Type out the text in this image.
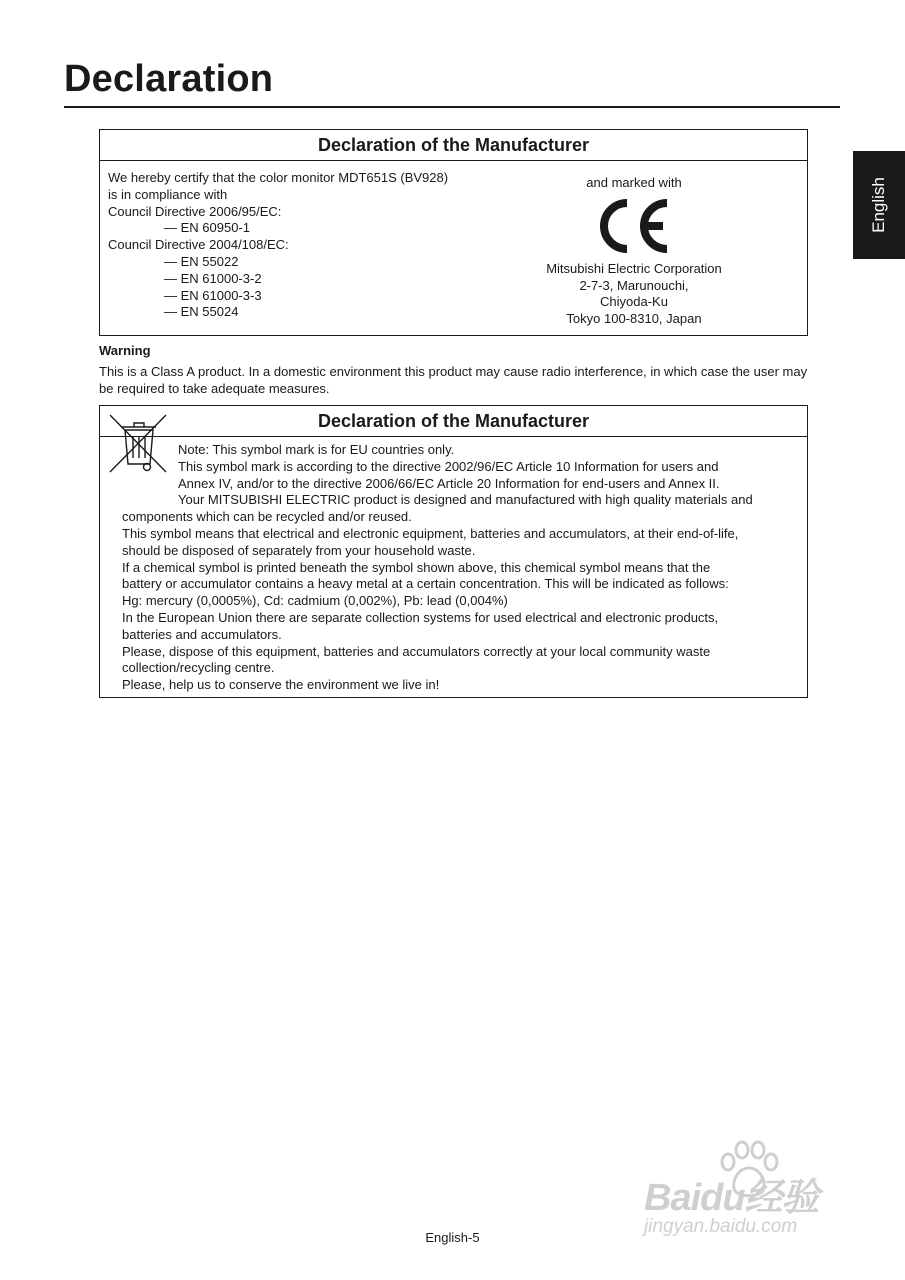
Declaration
English
Declaration of the Manufacturer
We hereby certify that the color monitor MDT651S (BV928)
is in compliance with
Council Directive 2006/95/EC:
— EN 60950-1
Council Directive 2004/108/EC:
— EN 55022
— EN 61000-3-2
— EN 61000-3-3
— EN 55024
and marked with
Mitsubishi Electric Corporation
2-7-3, Marunouchi,
Chiyoda-Ku
Tokyo 100-8310, Japan
Warning
This is a Class A product. In a domestic environment this product may cause radio interference, in which case the user may be required to take adequate measures.
Declaration of the Manufacturer
Note: This symbol mark is for EU countries only.
This symbol mark is according to the directive 2002/96/EC Article 10 Information for users and
Annex IV, and/or to the directive 2006/66/EC Article 20 Information for end-users and Annex II.
Your MITSUBISHI ELECTRIC product is designed and manufactured with high quality materials and
components which can be recycled and/or reused.
This symbol means that electrical and electronic equipment, batteries and accumulators, at their end-of-life,
should be disposed of separately from your household waste.
If a chemical symbol is printed beneath the symbol shown above, this chemical symbol means that the
battery or accumulator contains a heavy metal at a certain concentration. This will be indicated as follows:
Hg: mercury (0,0005%), Cd: cadmium (0,002%), Pb: lead (0,004%)
In the European Union there are separate collection systems for used electrical and electronic products,
batteries and accumulators.
Please, dispose of this equipment, batteries and accumulators correctly at your local community waste
collection/recycling centre.
Please, help us to conserve the environment we live in!
Baidu经验
jingyan.baidu.com
English-5
